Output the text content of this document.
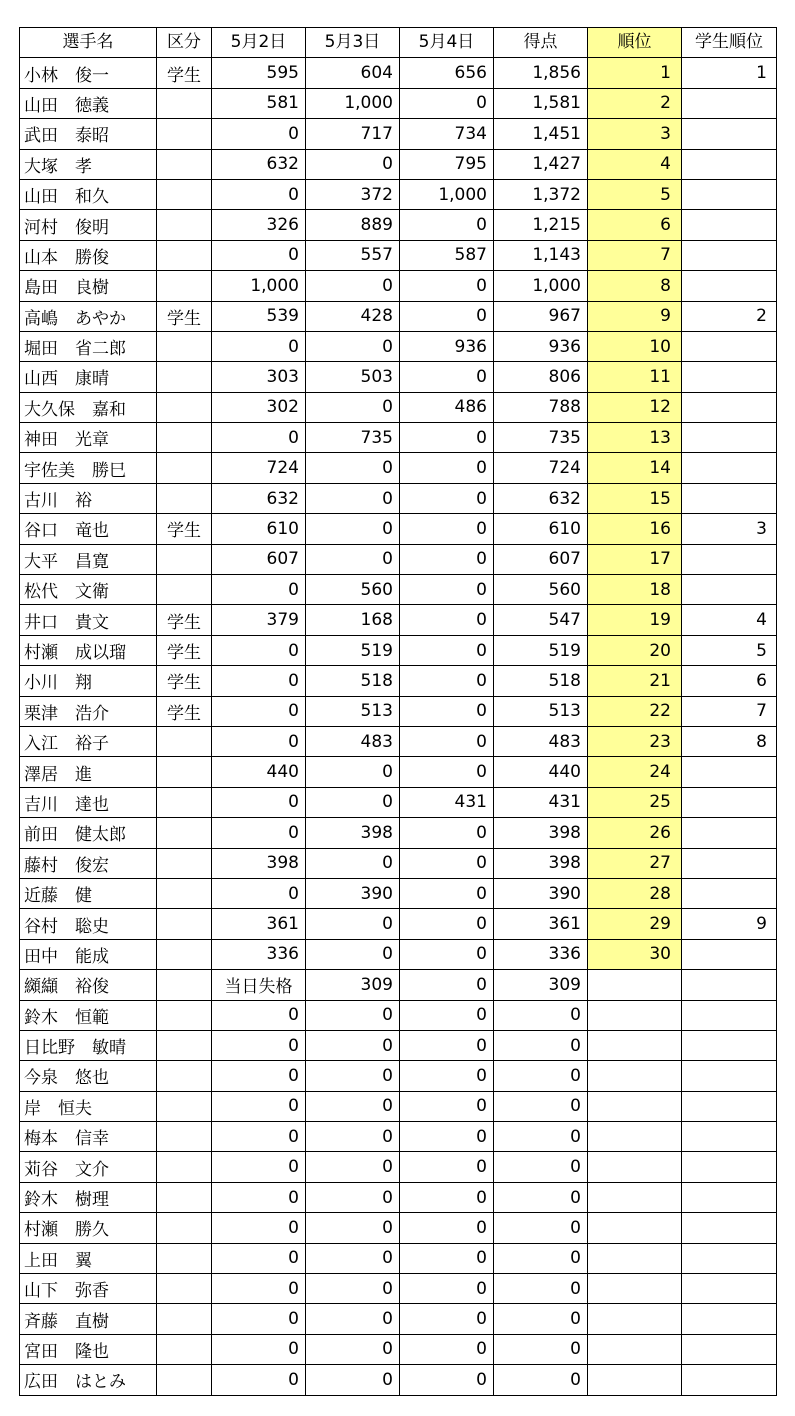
選手名	区分	5月2日	5月3日	5月4日	得点	順位	学生順位
小林　俊一	学生	595	604	656	1,856	1	1
山田　徳義		581	1,000	0	1,581	2	
武田　泰昭		0	717	734	1,451	3	
大塚　孝		632	0	795	1,427	4	
山田　和久		0	372	1,000	1,372	5	
河村　俊明		326	889	0	1,215	6	
山本　勝俊		0	557	587	1,143	7	
島田　良樹		1,000	0	0	1,000	8	
高嶋　あやか	学生	539	428	0	967	9	2
堀田　省二郎		0	0	936	936	10	
山西　康晴		303	503	0	806	11	
大久保　嘉和		302	0	486	788	12	
神田　光章		0	735	0	735	13	
宇佐美　勝巳		724	0	0	724	14	
古川　裕		632	0	0	632	15	
谷口　竜也	学生	610	0	0	610	16	3
大平　昌寛		607	0	0	607	17	
松代　文衛		0	560	0	560	18	
井口　貴文	学生	379	168	0	547	19	4
村瀬　成以瑠	学生	0	519	0	519	20	5
小川　翔	学生	0	518	0	518	21	6
栗津　浩介	学生	0	513	0	513	22	7
入江　裕子		0	483	0	483	23	8
澤居　進		440	0	0	440	24	
吉川　達也		0	0	431	431	25	
前田　健太郎		0	398	0	398	26	
藤村　俊宏		398	0	0	398	27	
近藤　健		0	390	0	390	28	
谷村　聡史		361	0	0	361	29	9
田中　能成		336	0	0	336	30	
纐纈　裕俊		当日失格	309	0	309		
鈴木　恒範		0	0	0	0		
日比野　敏晴		0	0	0	0		
今泉　悠也		0	0	0	0		
岸　恒夫		0	0	0	0		
梅本　信幸		0	0	0	0		
苅谷　文介		0	0	0	0		
鈴木　樹理		0	0	0	0		
村瀬　勝久		0	0	0	0		
上田　翼		0	0	0	0		
山下　弥香		0	0	0	0		
斉藤　直樹		0	0	0	0		
宮田　隆也		0	0	0	0		
広田　はとみ		0	0	0	0		
